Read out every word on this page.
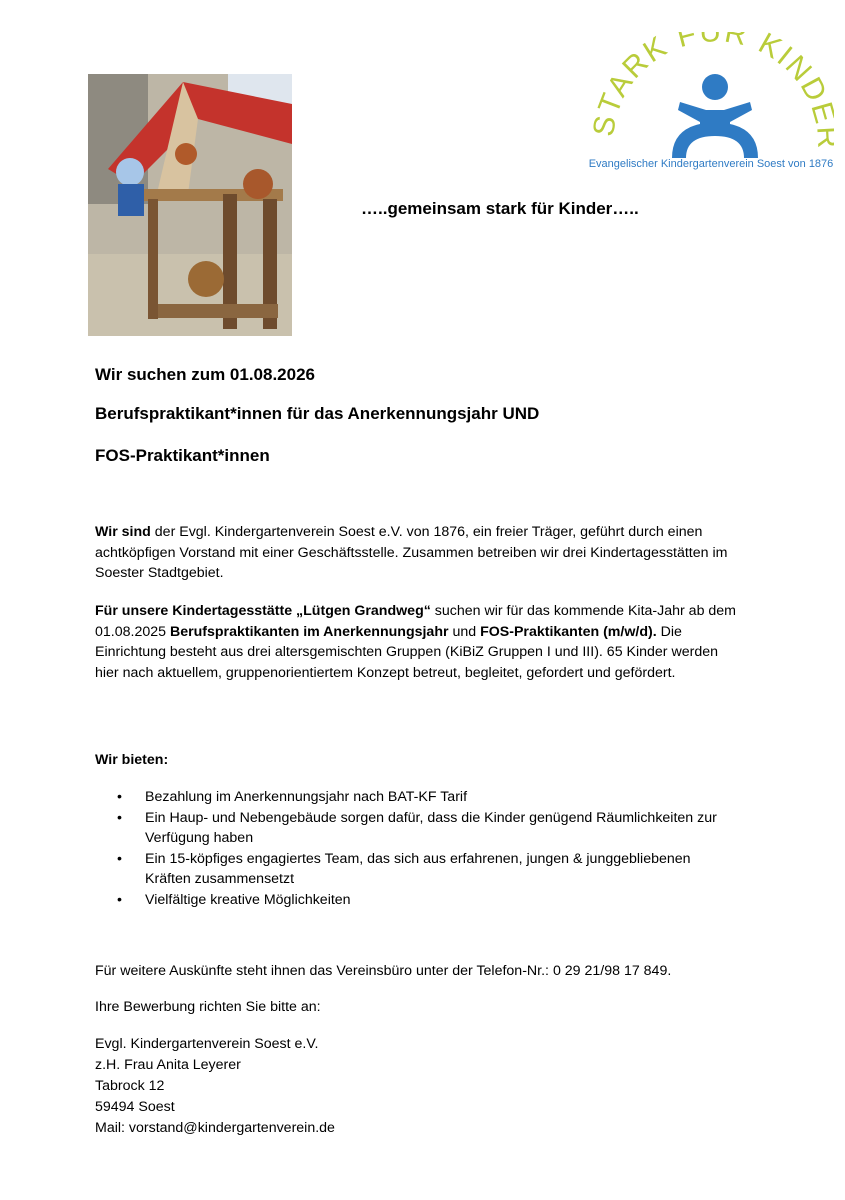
STARK FÜR KIND
Evangelischer Kindergartenverein Soest von 1876
…..gemeinsam stark für Kinder…..
Wir suchen zum 01.08.2026
Berufspraktikant*innen für das Anerkennungsjahr UND
FOS-Praktikant*innen
Wir sind der Evgl. Kindergartenverein Soest e.V. von 1876, ein freier Träger, geführt durch einen achtköpfigen Vorstand mit einer Geschäftsstelle. Zusammen betreiben wir drei Kindertagesstätten im Soester Stadtgebiet.
Für unsere Kindertagesstätte „Lütgen Grandweg“ suchen wir für das kommende Kita-Jahr ab dem 01.08.2025 Berufspraktikanten im Anerkennungsjahr und FOS-Praktikanten (m/w/d). Die Einrichtung besteht aus drei altersgemischten Gruppen (KiBiZ Gruppen I und III). 65 Kinder werden hier nach aktuellem, gruppenorientiertem Konzept betreut, begleitet, gefordert und gefördert.
Wir bieten:
• Bezahlung im Anerkennungsjahr nach BAT-KF Tarif
• Ein Haup- und Nebengebäude sorgen dafür, dass die Kinder genügend Räumlichkeiten zur Verfügung haben
• Ein 15-köpfiges engagiertes Team, das sich aus erfahrenen, jungen & junggebliebenen Kräften zusammensetzt
• Vielfältige kreative Möglichkeiten
Für weitere Auskünfte steht ihnen das Vereinsbüro unter der Telefon-Nr.: 0 29 21/98 17 849.
Ihre Bewerbung richten Sie bitte an:
Evgl. Kindergartenverein Soest e.V.
z.H. Frau Anita Leyerer
Tabrock 12
59494 Soest
Mail: vorstand@kindergartenverein.de
